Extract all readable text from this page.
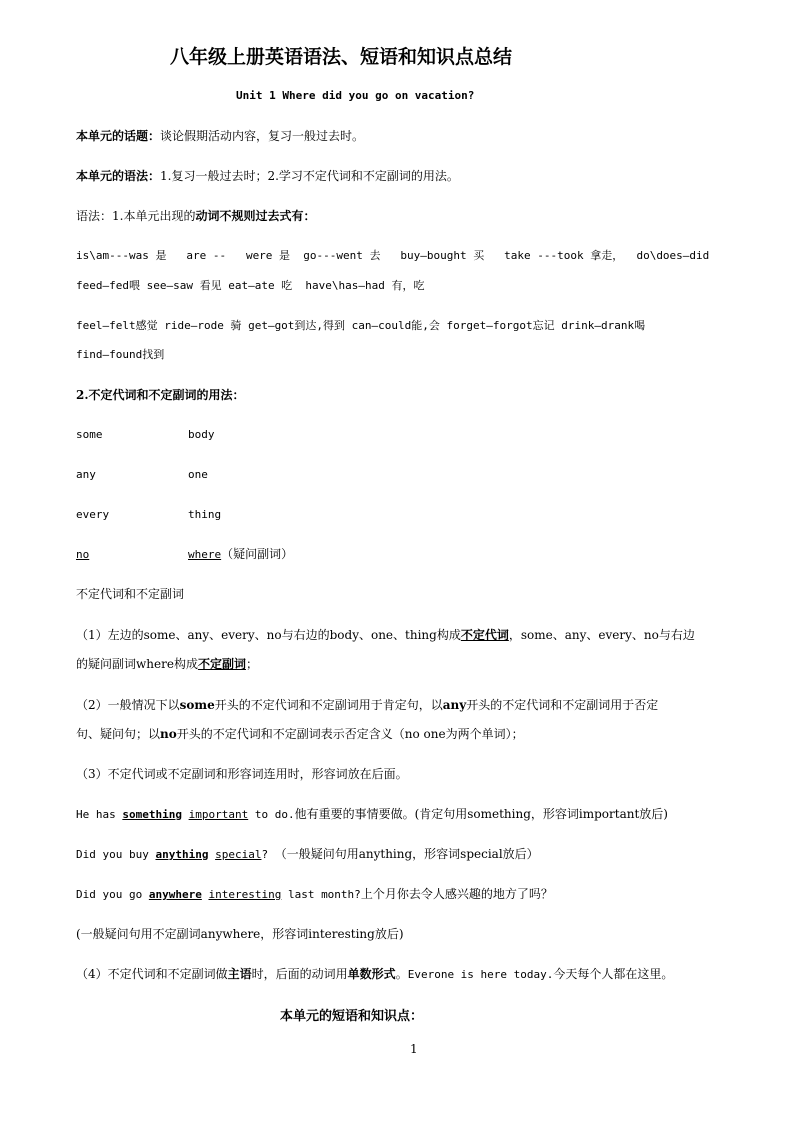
八年级上册英语语法、短语和知识点总结
Unit 1 Where did you go on vacation?
本单元的话题：谈论假期活动内容，复习一般过去时。
本单元的语法：1.复习一般过去时；2.学习不定代词和不定副词的用法。
语法：1.本单元出现的动词不规则过去式有：
is\am---was 是   are --   were 是  go---went 去   buy—bought 买   take ---took 拿走，  do\does—did
feed—fed喂 see—saw 看见 eat—ate 吃  have\has—had 有，吃
feel—felt感觉 ride—rode 骑 get—got到达,得到 can—could能,会 forget—forgot忘记 drink—drank喝
find—found找到
2.不定代词和不定副词的用法：
some	body
any	one
every	thing
no	where（疑问副词）
不定代词和不定副词
（1）左边的some、any、every、no与右边的body、one、thing构成不定代词，some、any、every、no与右边
的疑问副词where构成不定副词；
（2）一般情况下以some开头的不定代词和不定副词用于肯定句，以any开头的不定代词和不定副词用于否定
句、疑问句；以no开头的不定代词和不定副词表示否定含义（no one为两个单词）；
（3）不定代词或不定副词和形容词连用时，形容词放在后面。
He has something important to do.他有重要的事情要做。(肯定句用something，形容词important放后)
Did you buy anything special? （一般疑问句用anything，形容词special放后）
Did you go anywhere interesting last month?上个月你去令人感兴趣的地方了吗？
(一般疑问句用不定副词anywhere，形容词interesting放后)
（4）不定代词和不定副词做主语时，后面的动词用单数形式。Everone is here today.今天每个人都在这里。
本单元的短语和知识点：
1
